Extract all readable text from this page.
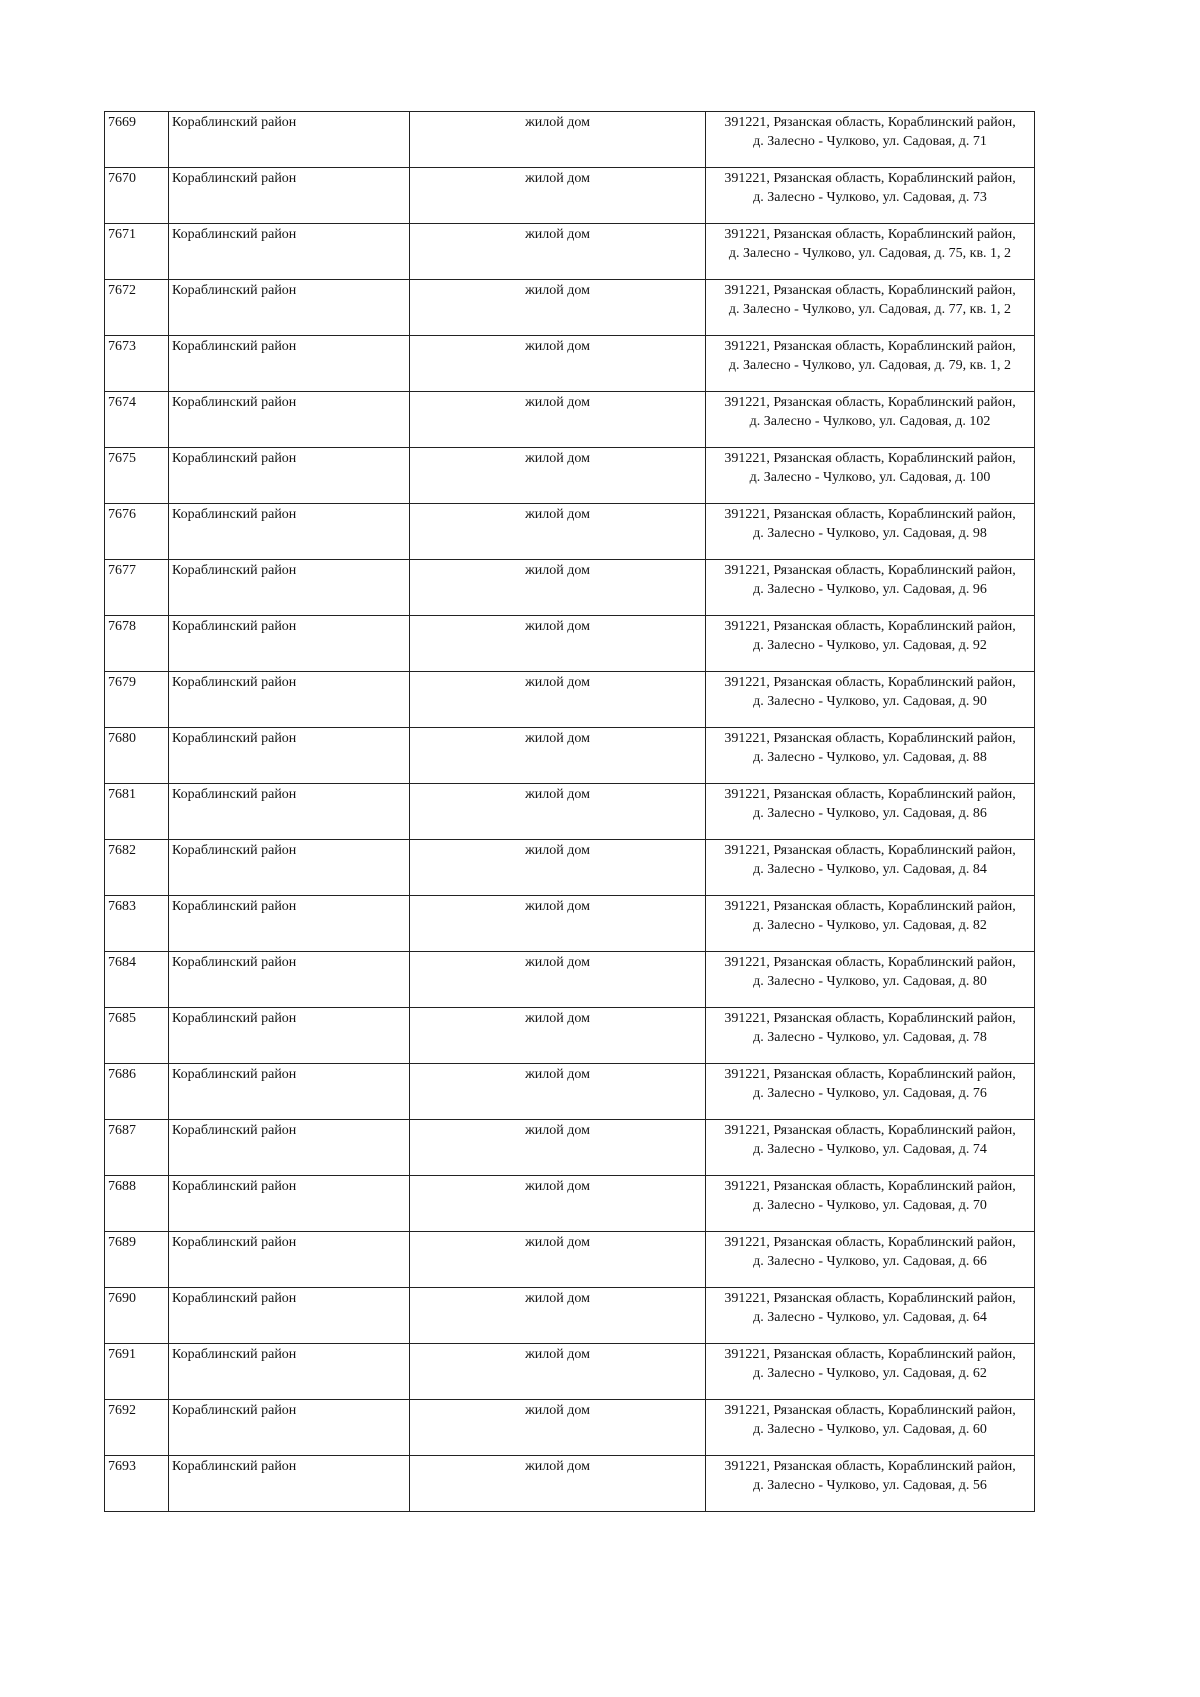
7669	Кораблинский район	жилой дом	391221, Рязанская область, Кораблинский район,
д. Залесно - Чулково, ул. Садовая, д. 71

7670	Кораблинский район	жилой дом	391221, Рязанская область, Кораблинский район,
д. Залесно - Чулково, ул. Садовая, д. 73

7671	Кораблинский район	жилой дом	391221, Рязанская область, Кораблинский район,
д. Залесно - Чулково, ул. Садовая, д. 75, кв. 1, 2

7672	Кораблинский район	жилой дом	391221, Рязанская область, Кораблинский район,
д. Залесно - Чулково, ул. Садовая, д. 77, кв. 1, 2

7673	Кораблинский район	жилой дом	391221, Рязанская область, Кораблинский район,
д. Залесно - Чулково, ул. Садовая, д. 79, кв. 1, 2

7674	Кораблинский район	жилой дом	391221, Рязанская область, Кораблинский район,
д. Залесно - Чулково, ул. Садовая, д. 102

7675	Кораблинский район	жилой дом	391221, Рязанская область, Кораблинский район,
д. Залесно - Чулково, ул. Садовая, д. 100

7676	Кораблинский район	жилой дом	391221, Рязанская область, Кораблинский район,
д. Залесно - Чулково, ул. Садовая, д. 98

7677	Кораблинский район	жилой дом	391221, Рязанская область, Кораблинский район,
д. Залесно - Чулково, ул. Садовая, д. 96

7678	Кораблинский район	жилой дом	391221, Рязанская область, Кораблинский район,
д. Залесно - Чулково, ул. Садовая, д. 92

7679	Кораблинский район	жилой дом	391221, Рязанская область, Кораблинский район,
д. Залесно - Чулково, ул. Садовая, д. 90

7680	Кораблинский район	жилой дом	391221, Рязанская область, Кораблинский район,
д. Залесно - Чулково, ул. Садовая, д. 88

7681	Кораблинский район	жилой дом	391221, Рязанская область, Кораблинский район,
д. Залесно - Чулково, ул. Садовая, д. 86

7682	Кораблинский район	жилой дом	391221, Рязанская область, Кораблинский район,
д. Залесно - Чулково, ул. Садовая, д. 84

7683	Кораблинский район	жилой дом	391221, Рязанская область, Кораблинский район,
д. Залесно - Чулково, ул. Садовая, д. 82

7684	Кораблинский район	жилой дом	391221, Рязанская область, Кораблинский район,
д. Залесно - Чулково, ул. Садовая, д. 80

7685	Кораблинский район	жилой дом	391221, Рязанская область, Кораблинский район,
д. Залесно - Чулково, ул. Садовая, д. 78

7686	Кораблинский район	жилой дом	391221, Рязанская область, Кораблинский район,
д. Залесно - Чулково, ул. Садовая, д. 76

7687	Кораблинский район	жилой дом	391221, Рязанская область, Кораблинский район,
д. Залесно - Чулково, ул. Садовая, д. 74

7688	Кораблинский район	жилой дом	391221, Рязанская область, Кораблинский район,
д. Залесно - Чулково, ул. Садовая, д. 70

7689	Кораблинский район	жилой дом	391221, Рязанская область, Кораблинский район,
д. Залесно - Чулково, ул. Садовая, д. 66

7690	Кораблинский район	жилой дом	391221, Рязанская область, Кораблинский район,
д. Залесно - Чулково, ул. Садовая, д. 64

7691	Кораблинский район	жилой дом	391221, Рязанская область, Кораблинский район,
д. Залесно - Чулково, ул. Садовая, д. 62

7692	Кораблинский район	жилой дом	391221, Рязанская область, Кораблинский район,
д. Залесно - Чулково, ул. Садовая, д. 60

7693	Кораблинский район	жилой дом	391221, Рязанская область, Кораблинский район,
д. Залесно - Чулково, ул. Садовая, д. 56
